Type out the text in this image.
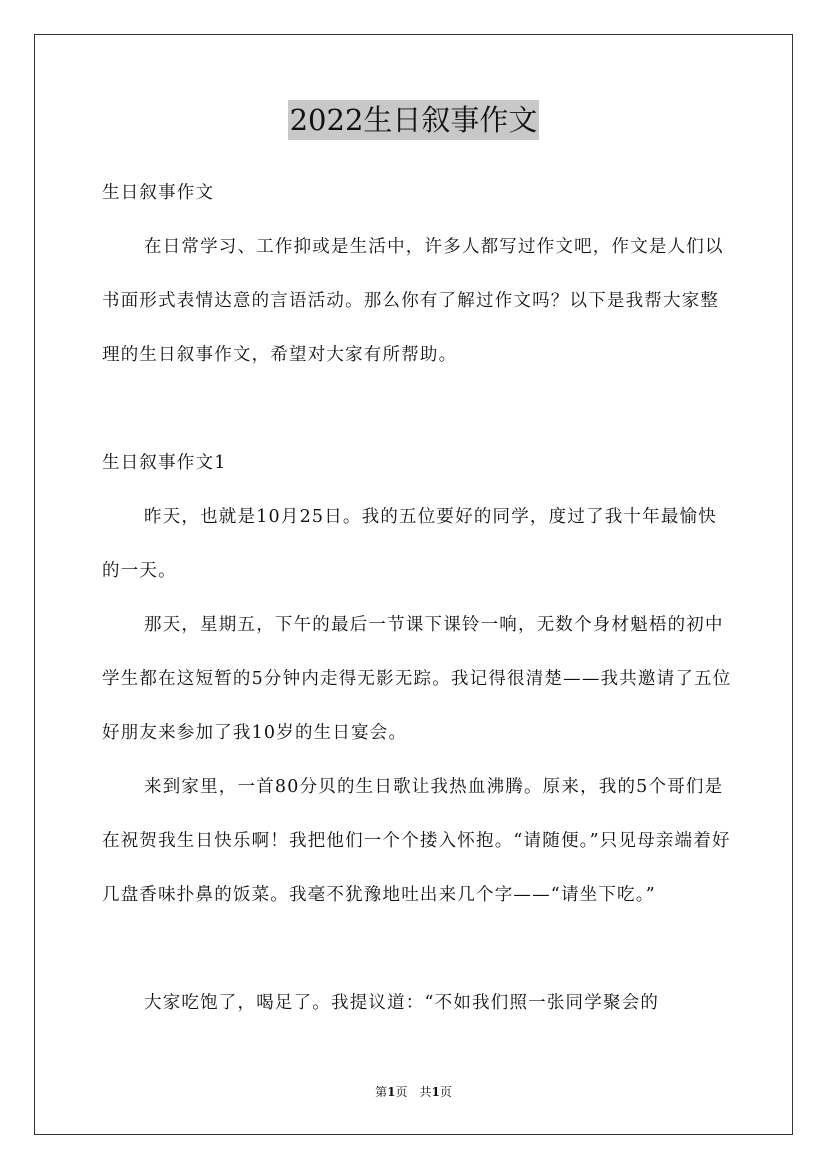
2022生日叙事作文

生日叙事作文

在日常学习、工作抑或是生活中，许多人都写过作文吧，作文是人们以书面形式表情达意的言语活动。那么你有了解过作文吗？以下是我帮大家整理的生日叙事作文，希望对大家有所帮助。

生日叙事作文1

昨天，也就是10月25日。我的五位要好的同学，度过了我十年最愉快的一天。

那天，星期五，下午的最后一节课下课铃一响，无数个身材魁梧的初中学生都在这短暂的5分钟内走得无影无踪。我记得很清楚——我共邀请了五位好朋友来参加了我10岁的生日宴会。

来到家里，一首80分贝的生日歌让我热血沸腾。原来，我的5个哥们是在祝贺我生日快乐啊！我把他们一个个搂入怀抱。“请随便。”只见母亲端着好几盘香味扑鼻的饭菜。我毫不犹豫地吐出来几个字——“请坐下吃。”

大家吃饱了，喝足了。我提议道：“不如我们照一张同学聚会的

第1页　共1页
